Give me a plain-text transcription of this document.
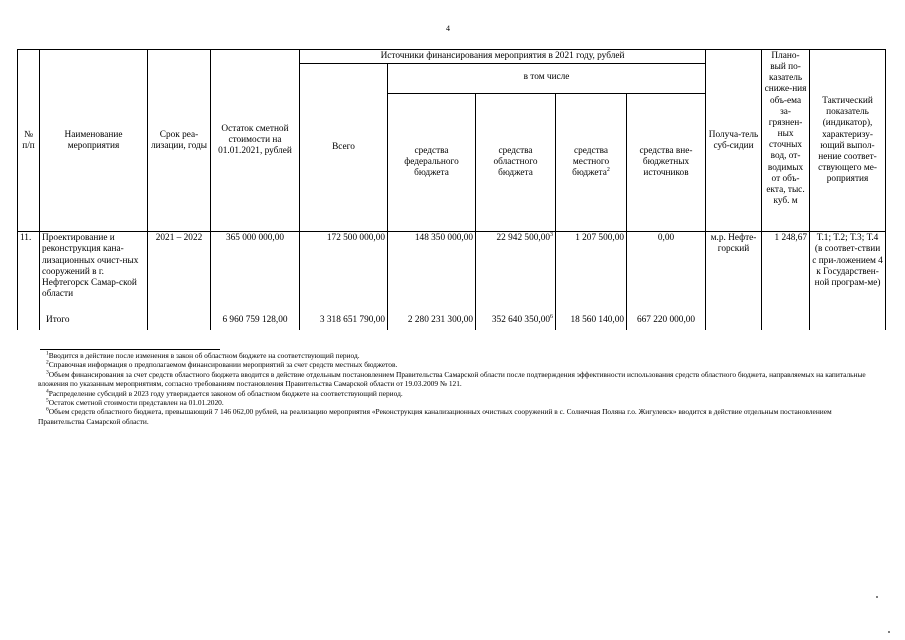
4
№ п/п	Наименование мероприятия	Срок реа-лизации, годы	Остаток сметной стоимости на 01.01.2021, рублей	Источники финансирования мероприятия в 2021 году, рублей					Получа-тель суб-сидии	Плано-вый по-казатель сниже-ния объ-ема за-грязнен-ных сточных вод, от-водимых от объ-екта, тыс. куб. м	Тактический показатель (индикатор), характеризу-ющий выпол-нение соответ-ствующего ме-роприятия
				Всего	в том числе						
					средства федерального бюджета	средства областного бюджета	средства местного бюджета$^2$	средства вне-бюджетных источников			
11.	Проектирование и реконструкция кана-лизационных очист-ных сооружений в г. Нефтегорск Самар-ской области	2021 – 2022	365 000 000,00	172 500 000,00	148 350 000,00	22 942 500,00$^3$	1 207 500,00	0,00	м.р. Нефте-горский	1 248,67	Т.1; Т.2; Т.3; Т.4 (в соответ-ствии с при-ложением 4 к Государствен-ной програм-ме)
	Итого		6 960 759 128,00	3 318 651 790,00	2 280 231 300,00	352 640 350,00$^6$	18 560 140,00	667 220 000,00			

$^1$Вводится в действие после изменения в закон об областном бюджете на соответствующий период.

$^2$Справочная информация о предполагаемом финансировании мероприятий за счет средств местных бюджетов.

$^3$Объем финансирования за счет средств областного бюджета вводится в действие отдельным постановлением Правительства Самарской области после подтверждения эффективности использования средств областного бюджета, направляемых на капитальные вложения по указанным мероприятиям, согласно требованиям постановления Правительства Самарской области от 19.03.2009 № 121.

$^4$Распределение субсидий в 2023 году утверждается законом об областном бюджете на соответствующий период.

$^5$Остаток сметной стоимости представлен на 01.01.2020.

$^6$Объем средств областного бюджета, превышающий 7 146 062,00 рублей, на реализацию мероприятия «Реконструкция канализационных очистных сооружений в с. Солнечная Поляна г.о. Жигулевск» вводится в действие отдельным постановлением Правительства Самарской области.
